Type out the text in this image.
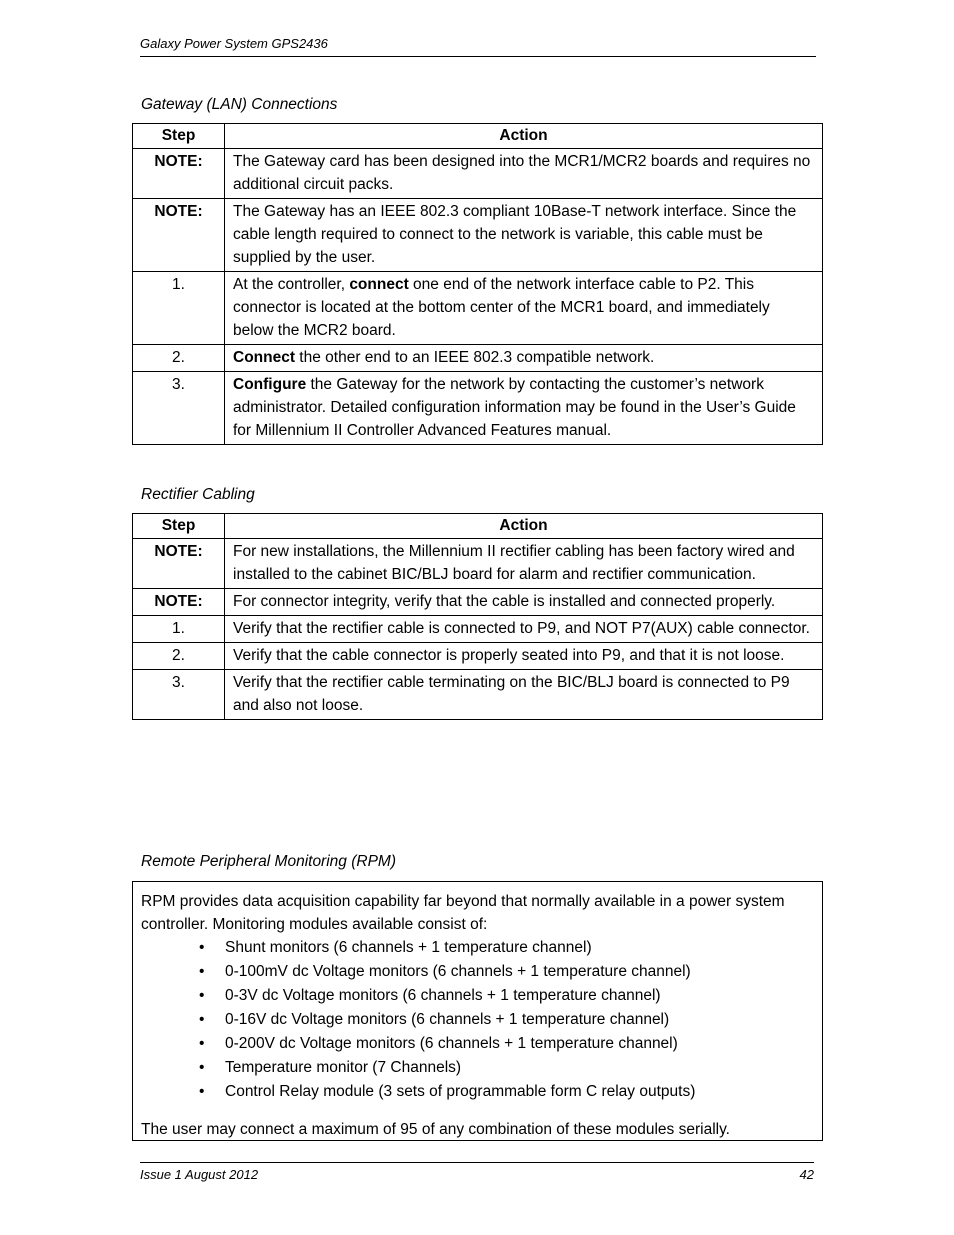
Galaxy Power System GPS2436
Gateway (LAN) Connections
Step	Action
NOTE:	The Gateway card has been designed into the MCR1/MCR2 boards and requires no additional circuit packs.
NOTE:	The Gateway has an IEEE 802.3 compliant 10Base-T network interface. Since the cable length required to connect to the network is variable, this cable must be supplied by the user.
1.	At the controller, connect one end of the network interface cable to P2. This connector is located at the bottom center of the MCR1 board, and immediately below the MCR2 board.
2.	Connect the other end to an IEEE 802.3 compatible network.
3.	Configure the Gateway for the network by contacting the customer’s network administrator. Detailed configuration information may be found in the User’s Guide for Millennium II Controller Advanced Features manual.
Rectifier Cabling
Step	Action
NOTE:	For new installations, the Millennium II rectifier cabling has been factory wired and installed to the cabinet BIC/BLJ board for alarm and rectifier communication.
NOTE:	For connector integrity, verify that the cable is installed and connected properly.
1.	Verify that the rectifier cable is connected to P9, and NOT P7(AUX) cable connector.
2.	Verify that the cable connector is properly seated into P9, and that it is not loose.
3.	Verify that the rectifier cable terminating on the BIC/BLJ board is connected to P9 and also not loose.
Remote Peripheral Monitoring (RPM)
RPM provides data acquisition capability far beyond that normally available in a power system controller. Monitoring modules available consist of:
• Shunt monitors (6 channels + 1 temperature channel)
• 0-100mV dc Voltage monitors (6 channels + 1 temperature channel)
• 0-3V dc Voltage monitors (6 channels + 1 temperature channel)
• 0-16V dc Voltage monitors (6 channels + 1 temperature channel)
• 0-200V dc Voltage monitors (6 channels + 1 temperature channel)
• Temperature monitor (7 Channels)
• Control Relay module (3 sets of programmable form C relay outputs)
The user may connect a maximum of 95 of any combination of these modules serially.
Issue 1 August 2012	42
